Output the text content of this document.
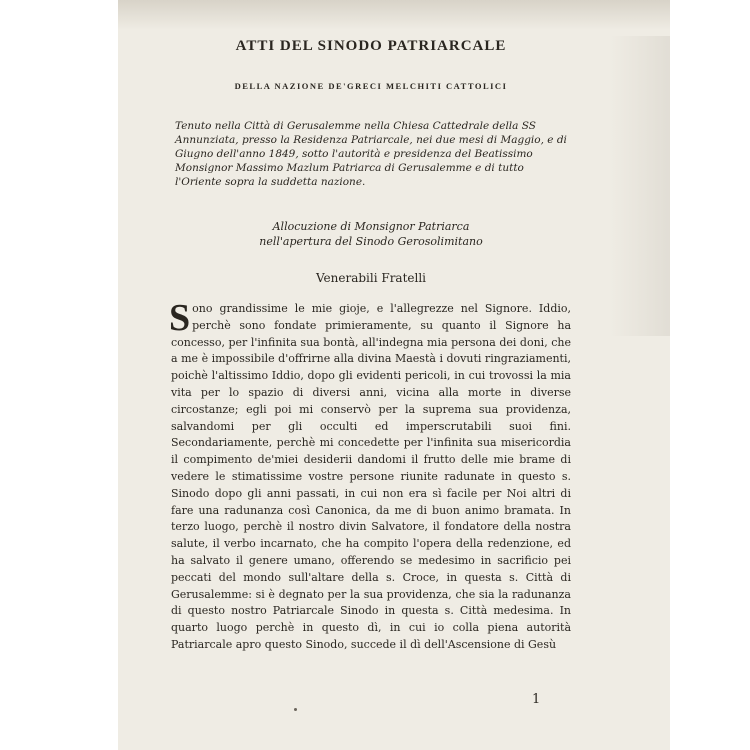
ATTI DEL SINODO PATRIARCALE
DELLA NAZIONE DE'GRECI MELCHITI CATTOLICI

Tenuto nella Città di Gerusalemme nella Chiesa Cattedrale della SS Annunziata, presso la Residenza Patriarcale, nei due mesi di Maggio, e di Giugno dell'anno 1849, sotto l'autorità e presidenza del Beatissimo Monsignor Massimo Mazlum Patriarca di Gerusalemme e di tutto l'Oriente sopra la suddetta nazione.

Allocuzione di Monsignor Patriarca
nell'apertura del Sinodo Gerosolimitano
Venerabili Fratelli
Sono grandissime le mie gioje, e l'allegrezze nel Signore. Iddio, perchè sono fondate primieramente, su quanto il Signore ha concesso, per l'infinita sua bontà, all'indegna mia persona dei doni, che a me è impossibile d'offrirne alla divina Maestà i dovuti ringraziamenti, poichè l'altissimo Iddio, dopo gli evidenti pericoli, in cui trovossi la mia vita per lo spazio di diversi anni, vicina alla morte in diverse circostanze; egli poi mi conservò per la suprema sua providenza, salvandomi per gli occulti ed imperscrutabili suoi fini. Secondariamente, perchè mi concedette per l'infinita sua misericordia il compimento de'miei desiderii dandomi il frutto delle mie brame di vedere le stimatissime vostre persone riunite radunate in questo s. Sinodo dopo gli anni passati, in cui non era sì facile per Noi altri di fare una radunanza così Canonica, da me di buon animo bramata. In terzo luogo, perchè il nostro divin Salvatore, il fondatore della nostra salute, il verbo incarnato, che ha compito l'opera della redenzione, ed ha salvato il genere umano, offerendo se medesimo in sacrificio pei peccati del mondo sull'altare della s. Croce, in questa s. Città di Gerusalemme: si è degnato per la sua providenza, che sia la radunanza di questo nostro Patriarcale Sinodo in questa s. Città medesima. In quarto luogo perchè in questo dì, in cui io colla piena autorità Patriarcale apro questo Sinodo, succede il dì dell'Ascensione di Gesù
1
